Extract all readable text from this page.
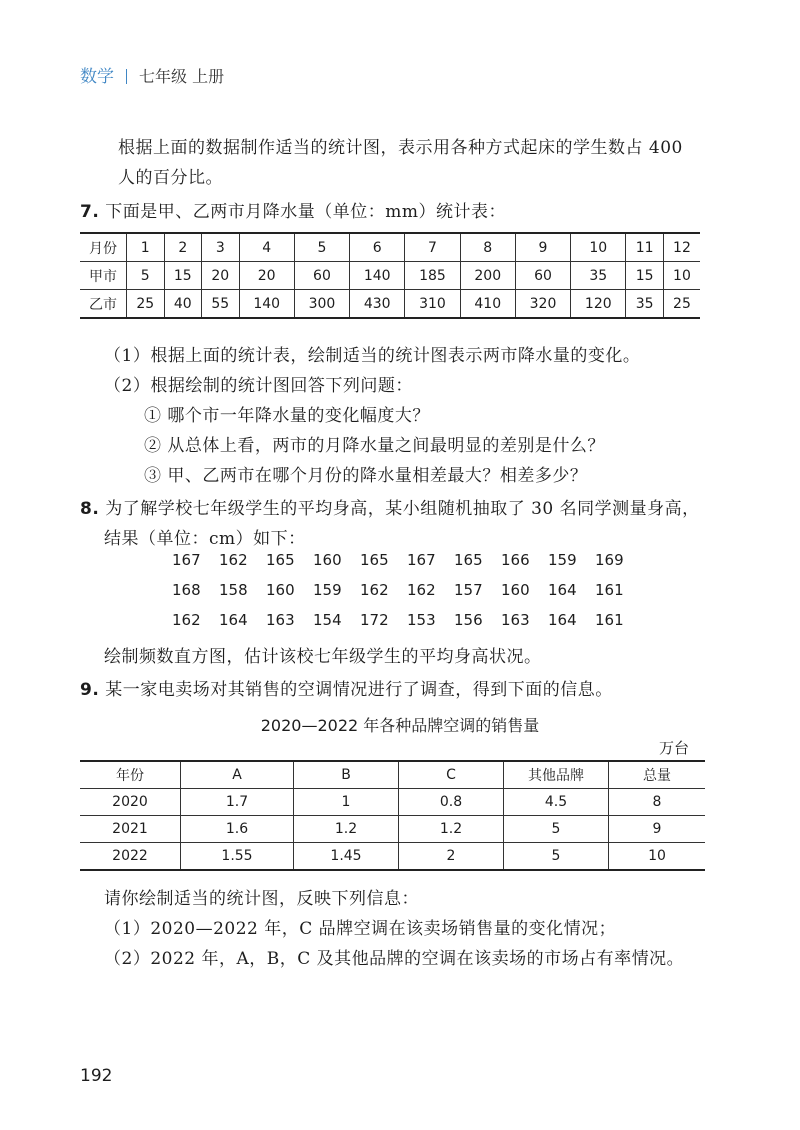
数学 七年级 上册
根据上面的数据制作适当的统计图，表示用各种方式起床的学生数占 400
人的百分比。
7. 下面是甲、乙两市月降水量（单位：mm）统计表：
月份	1	2	3	4	5	6	7	8	9	10	11	12
甲市	5	15	20	20	60	140	185	200	60	35	15	10
乙市	25	40	55	140	300	430	310	410	320	120	35	25
（1）根据上面的统计表，绘制适当的统计图表示两市降水量的变化。
（2）根据绘制的统计图回答下列问题：
① 哪个市一年降水量的变化幅度大？
② 从总体上看，两市的月降水量之间最明显的差别是什么？
③ 甲、乙两市在哪个月份的降水量相差最大？相差多少？
8. 为了解学校七年级学生的平均身高，某小组随机抽取了 30 名同学测量身高，
结果（单位：cm）如下：
167 162 165 160 165 167 165 166 159 169
168 158 160 159 162 162 157 160 164 161
162 164 163 154 172 153 156 163 164 161
绘制频数直方图，估计该校七年级学生的平均身高状况。
9. 某一家电卖场对其销售的空调情况进行了调查，得到下面的信息。
2020—2022 年各种品牌空调的销售量
万台
年份	A	B	C	其他品牌	总量
2020	1.7	1	0.8	4.5	8
2021	1.6	1.2	1.2	5	9
2022	1.55	1.45	2	5	10
请你绘制适当的统计图，反映下列信息：
（1）2020—2022 年，C 品牌空调在该卖场销售量的变化情况；
（2）2022 年，A，B，C 及其他品牌的空调在该卖场的市场占有率情况。
192
